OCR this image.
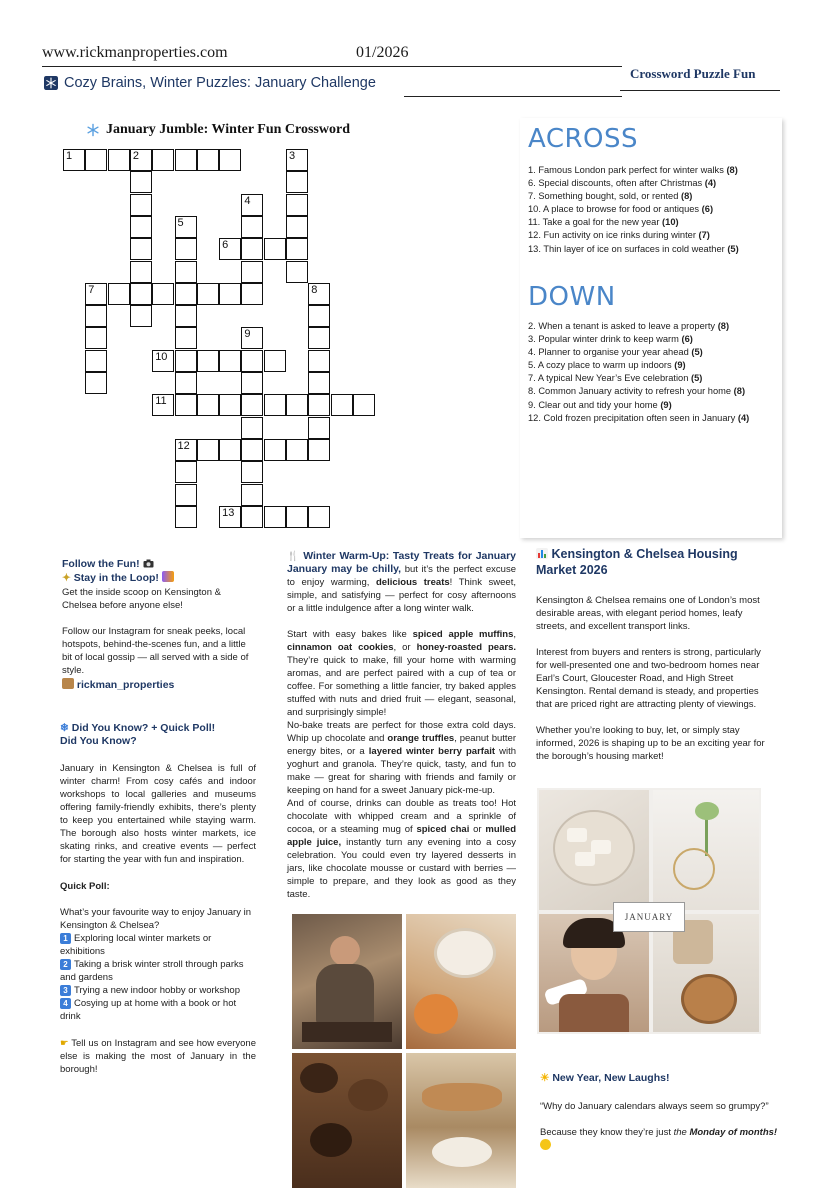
www.rickmanproperties.com	01/2026
Crossword Puzzle Fun
Cozy Brains, Winter Puzzles: January Challenge
January Jumble: Winter Fun Crossword
1	2	3
4
5
6
7	8
9
10
11
12
13
ACROSS
1. Famous London park perfect for winter walks (8)
6. Special discounts, often after Christmas (4)
7. Something bought, sold, or rented (8)
10. A place to browse for food or antiques (6)
11. Take a goal for the new year (10)
12. Fun activity on ice rinks during winter (7)
13. Thin layer of ice on surfaces in cold weather (5)
DOWN
2. When a tenant is asked to leave a property (8)
3. Popular winter drink to keep warm (6)
4. Planner to organise your year ahead (5)
5. A cozy place to warm up indoors (9)
7. A typical New Year’s Eve celebration (5)
8. Common January activity to refresh your home (8)
9. Clear out and tidy your home (9)
12. Cold frozen precipitation often seen in January (4)
Follow the Fun!
✦ Stay in the Loop!
Get the inside scoop on Kensington & Chelsea before anyone else!
Follow our Instagram for sneak peeks, local hotspots, behind-the-scenes fun, and a little bit of local gossip — all served with a side of style.
rickman_properties
❄ Did You Know? + Quick Poll!
Did You Know?
January in Kensington & Chelsea is full of winter charm! From cosy cafés and indoor workshops to local galleries and museums offering family-friendly exhibits, there’s plenty to keep you entertained while staying warm. The borough also hosts winter markets, ice skating rinks, and creative events — perfect for starting the year with fun and inspiration.
Quick Poll:
What’s your favourite way to enjoy January in Kensington & Chelsea?
1 Exploring local winter markets or exhibitions
2 Taking a brisk winter stroll through parks and gardens
3 Trying a new indoor hobby or workshop
4 Cosying up at home with a book or hot drink
☛ Tell us on Instagram and see how everyone else is making the most of January in the borough!
🍴 Winter Warm-Up: Tasty Treats for January January may be chilly, but it’s the perfect excuse to enjoy warming, delicious treats! Think sweet, simple, and satisfying — perfect for cosy afternoons or a little indulgence after a long winter walk.
Start with easy bakes like spiced apple muffins, cinnamon oat cookies, or honey-roasted pears. They’re quick to make, fill your home with warming aromas, and are perfect paired with a cup of tea or coffee. For something a little fancier, try baked apples stuffed with nuts and dried fruit — elegant, seasonal, and surprisingly simple!
No-bake treats are perfect for those extra cold days. Whip up chocolate and orange truffles, peanut butter energy bites, or a layered winter berry parfait with yoghurt and granola. They’re quick, tasty, and fun to make — great for sharing with friends and family or keeping on hand for a sweet January pick-me-up.
And of course, drinks can double as treats too! Hot chocolate with whipped cream and a sprinkle of cocoa, or a steaming mug of spiced chai or mulled apple juice, instantly turn any evening into a cosy celebration. You could even try layered desserts in jars, like chocolate mousse or custard with berries — simple to prepare, and they look as good as they taste.
Kensington & Chelsea Housing Market 2026
Kensington & Chelsea remains one of London’s most desirable areas, with elegant period homes, leafy streets, and excellent transport links.
Interest from buyers and renters is strong, particularly for well-presented one and two-bedroom homes near Earl’s Court, Gloucester Road, and High Street Kensington. Rental demand is steady, and properties that are priced right are attracting plenty of viewings.
Whether you’re looking to buy, let, or simply stay informed, 2026 is shaping up to be an exciting year for the borough’s housing market!
JANUARY
☀ New Year, New Laughs!
“Why do January calendars always seem so grumpy?”
Because they know they’re just the Monday of months!
